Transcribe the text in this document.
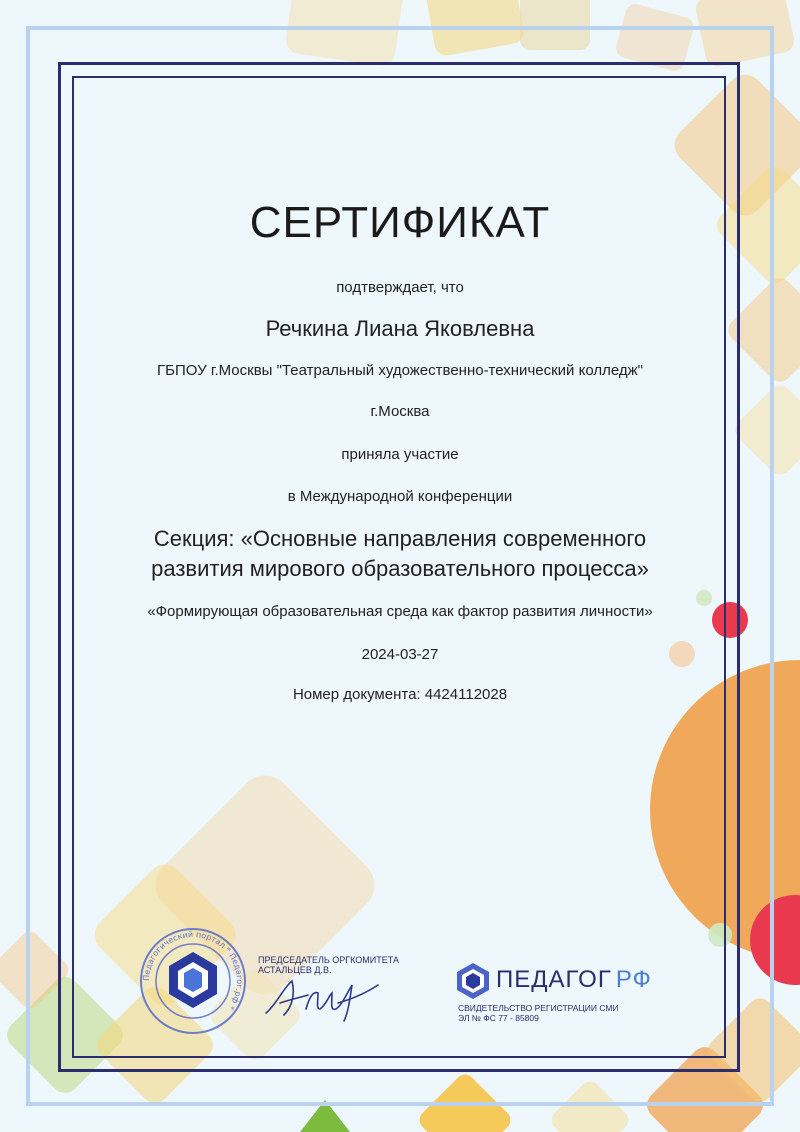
СЕРТИФИКАТ
подтверждает, что
Речкина Лиана Яковлевна
ГБПОУ г.Москвы "Театральный художественно-технический колледж"
г.Москва
приняла участие
в Международной конференции
Секция: «Основные направления современного
развития мирового образовательного процесса»
«Формирующая образовательная среда как фактор развития личности»
2024-03-27
Номер документа: 4424112028
Педагогический портал * Педагог.рф *
ПРЕДСЕДАТЕЛЬ ОРГКОМИТЕТА
АСТАЛЬЦЕВ Д.В.	ПЕДАГОГ РФ
СВИДЕТЕЛЬСТВО РЕГИСТРАЦИИ СМИ
ЭЛ № ФС 77 - 85809
